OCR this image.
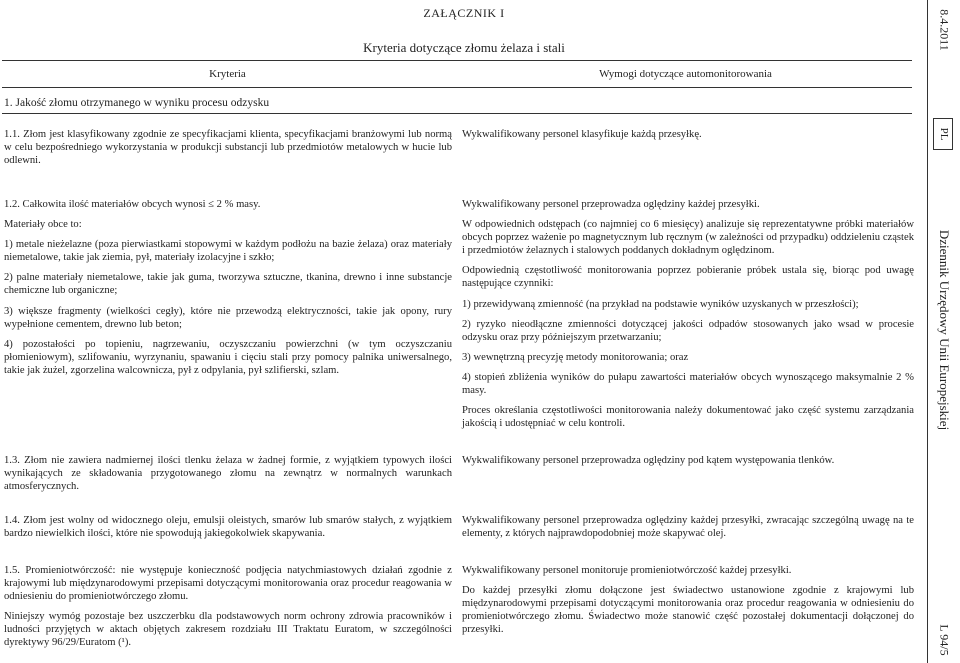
ZAŁĄCZNIK I
Kryteria dotyczące złomu żelaza i stali
Kryteria	Wymogi dotyczące automonitorowania
1. Jakość złomu otrzymanego w wyniku procesu odzysku

1.1. Złom jest klasyfikowany zgodnie ze specyfikacjami klienta, specyfikacjami branżowymi lub normą w celu bezpośredniego wykorzystania w produkcji substancji lub przedmiotów metalowych w hucie lub odlewni.

Wykwalifikowany personel klasyfikuje każdą przesyłkę.

1.2. Całkowita ilość materiałów obcych wynosi ≤ 2 % masy.

Materiały obce to:

1) metale nieżelazne (poza pierwiastkami stopowymi w każdym podłożu na bazie żelaza) oraz materiały niemetalowe, takie jak ziemia, pył, materiały izolacyjne i szkło;

2) palne materiały niemetalowe, takie jak guma, tworzywa sztuczne, tkanina, drewno i inne substancje chemiczne lub organiczne;

3) większe fragmenty (wielkości cegły), które nie przewodzą elektryczności, takie jak opony, rury wypełnione cementem, drewno lub beton;

4) pozostałości po topieniu, nagrzewaniu, oczyszczaniu powierzchni (w tym oczyszczaniu płomieniowym), szlifowaniu, wyrzynaniu, spawaniu i cięciu stali przy pomocy palnika uniwersalnego, takie jak żużel, zgorzelina walcownicza, pył z odpylania, pył szlifierski, szlam.

Wykwalifikowany personel przeprowadza oględziny każdej przesyłki.

W odpowiednich odstępach (co najmniej co 6 miesięcy) analizuje się reprezentatywne próbki materiałów obcych poprzez ważenie po magnetycznym lub ręcznym (w zależności od przypadku) oddzieleniu cząstek i przedmiotów żelaznych i stalowych poddanych dokładnym oględzinom.

Odpowiednią częstotliwość monitorowania poprzez pobieranie próbek ustala się, biorąc pod uwagę następujące czynniki:

1) przewidywaną zmienność (na przykład na podstawie wyników uzyskanych w przeszłości);

2) ryzyko nieodłączne zmienności dotyczącej jakości odpadów stosowanych jako wsad w procesie odzysku oraz przy późniejszym przetwarzaniu;

3) wewnętrzną precyzję metody monitorowania; oraz

4) stopień zbliżenia wyników do pułapu zawartości materiałów obcych wynoszącego maksymalnie 2 % masy.

Proces określania częstotliwości monitorowania należy dokumentować jako część systemu zarządzania jakością i udostępniać w celu kontroli.

1.3. Złom nie zawiera nadmiernej ilości tlenku żelaza w żadnej formie, z wyjątkiem typowych ilości wynikających ze składowania przygotowanego złomu na zewnątrz w normalnych warunkach atmosferycznych.

Wykwalifikowany personel przeprowadza oględziny pod kątem występowania tlenków.

1.4. Złom jest wolny od widocznego oleju, emulsji oleistych, smarów lub smarów stałych, z wyjątkiem bardzo niewielkich ilości, które nie spowodują jakiegokolwiek skapywania.

Wykwalifikowany personel przeprowadza oględziny każdej przesyłki, zwracając szczególną uwagę na te elementy, z których najprawdopodobniej może skapywać olej.

1.5. Promieniotwórczość: nie występuje konieczność podjęcia natychmiastowych działań zgodnie z krajowymi lub międzynarodowymi przepisami dotyczącymi monitorowania oraz procedur reagowania w odniesieniu do promieniotwórczego złomu.

Niniejszy wymóg pozostaje bez uszczerbku dla podstawowych norm ochrony zdrowia pracowników i ludności przyjętych w aktach objętych zakresem rozdziału III Traktatu Euratom, w szczególności dyrektywy 96/29/Euratom (¹).

Wykwalifikowany personel monitoruje promieniotwórczość każdej przesyłki.

Do każdej przesyłki złomu dołączone jest świadectwo ustanowione zgodnie z krajowymi lub międzynarodowymi przepisami dotyczącymi monitorowania oraz procedur reagowania w odniesieniu do promieniotwórczego złomu. Świadectwo może stanowić część pozostałej dokumentacji dołączonej do przesyłki.

8.4.2011
PL
Dziennik Urzędowy Unii Europejskiej
L 94/5
